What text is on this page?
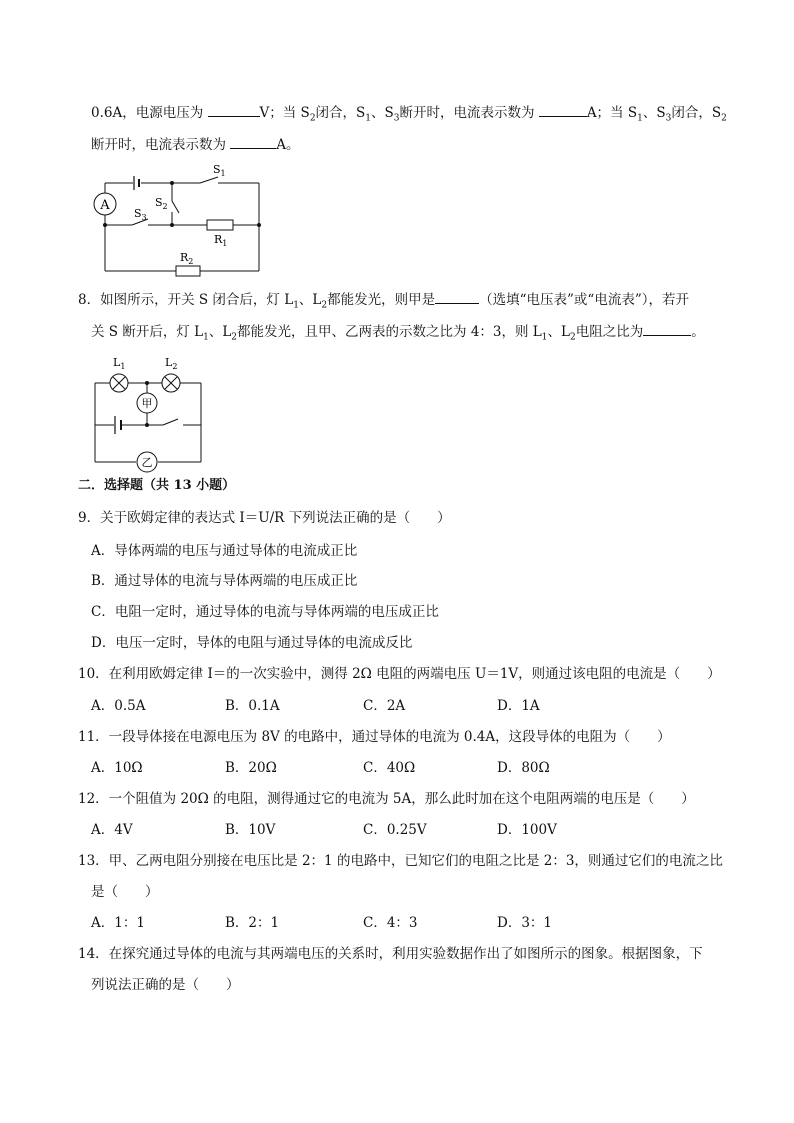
0.6A，电源电压为	V；当 $S_2$闭合，$S_1$、$S_3$断开时，电流表示数为	A；当 $S_1$、$S_3$闭合，$S_2$
断开时，电流表示数为	A。
A
$S_1$
$S_2$
$S_3$
$R_1$
$R_2$
8．如图所示，开关 S 闭合后，灯 $L_1$、$L_2$都能发光，则甲是	（选填“电压表”或“电流表”），若开
关 S 断开后，灯 $L_1$、$L_2$都能发光，且甲、乙两表的示数之比为 4：3，则 $L_1$、$L_2$电阻之比为	。
$L_1$	$L_2$
甲
乙
二．选择题（共 13 小题）
9．关于欧姆定律的表达式 I＝U/R 下列说法正确的是（　　）
A．导体两端的电压与通过导体的电流成正比
B．通过导体的电流与导体两端的电压成正比
C．电阻一定时，通过导体的电流与导体两端的电压成正比
D．电压一定时，导体的电阻与通过导体的电流成反比
10．在利用欧姆定律 I＝的一次实验中，测得 2Ω 电阻的两端电压 U＝1V，则通过该电阻的电流是（　　）
A．0.5A	B．0.1A	C．2A	D．1A
11．一段导体接在电源电压为 8V 的电路中，通过导体的电流为 0.4A，这段导体的电阻为（　　）
A．10Ω	B．20Ω	C．40Ω	D．80Ω
12．一个阻值为 20Ω 的电阻，测得通过它的电流为 5A，那么此时加在这个电阻两端的电压是（　　）
A．4V	B．10V	C．0.25V	D．100V
13．甲、乙两电阻分别接在电压比是 2：1 的电路中，已知它们的电阻之比是 2：3，则通过它们的电流之比
是（　　）
A．1：1	B．2：1	C．4：3	D．3：1
14．在探究通过导体的电流与其两端电压的关系时，利用实验数据作出了如图所示的图象。根据图象，下
列说法正确的是（　　）
